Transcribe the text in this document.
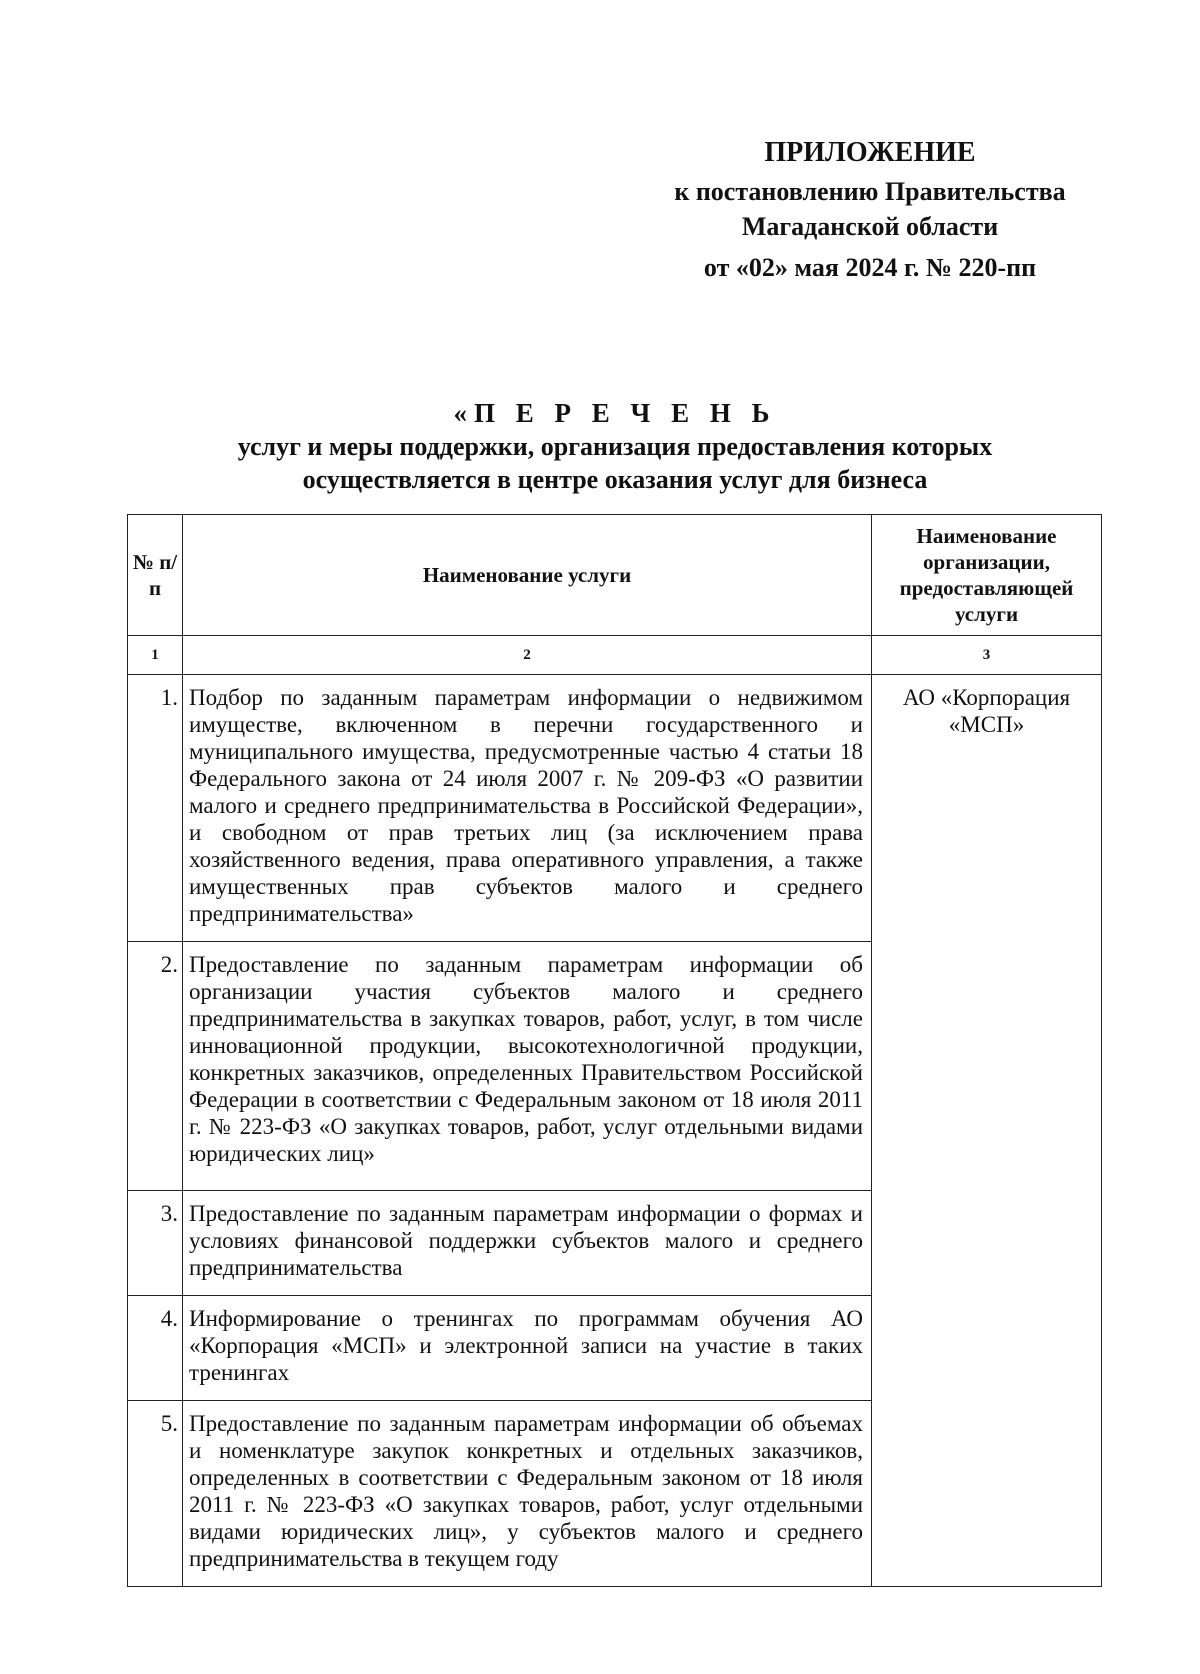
ПРИЛОЖЕНИЕ
к постановлению Правительства
Магаданской области
от «02» мая 2024 г. № 220-пп
«П Е Р Е Ч Е Н Ь
услуг и меры поддержки, организация предоставления которых
осуществляется в центре оказания услуг для бизнеса
№ п/п	Наименование услуги	Наименование организации, предоставляющей услуги
1	2	3
1.	Подбор по заданным параметрам информации о недвижимом имуществе, включенном в перечни государственного и муниципального имущества, предусмотренные частью 4 статьи 18 Федерального закона от 24 июля 2007 г. № 209-ФЗ «О развитии малого и среднего предпринимательства в Российской Федерации», и свободном от прав третьих лиц (за исключением права хозяйственного ведения, права оперативного управления, а также имущественных прав субъектов малого и среднего предпринимательства»	АО «Корпорация «МСП»
2.	Предоставление по заданным параметрам информации об организации участия субъектов малого и среднего предпринимательства в закупках товаров, работ, услуг, в том числе инновационной продукции, высокотехнологичной продукции, конкретных заказчиков, определенных Правительством Российской Федерации в соответствии с Федеральным законом от 18 июля 2011 г. № 223-ФЗ «О закупках товаров, работ, услуг отдельными видами юридических лиц»	
3.	Предоставление по заданным параметрам информации о формах и условиях финансовой поддержки субъектов малого и среднего предпринимательства	
4.	Информирование о тренингах по программам обучения АО «Корпорация «МСП» и электронной записи на участие в таких тренингах	
5.	Предоставление по заданным параметрам информации об объемах и номенклатуре закупок конкретных и отдельных заказчиков, определенных в соответствии с Федеральным законом от 18 июля 2011 г. № 223-ФЗ «О закупках товаров, работ, услуг отдельными видами юридических лиц», у субъектов малого и среднего предпринимательства в текущем году	
